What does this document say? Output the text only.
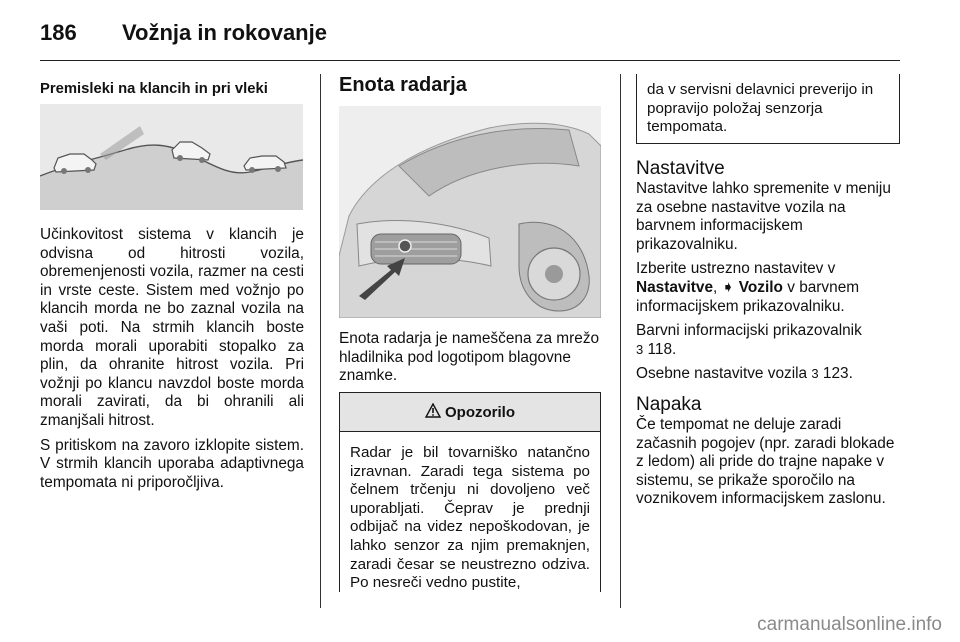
186 Vožnja in rokovanje
Premisleki na klancih in pri vleki

Učinkovitost sistema v klancih je odvisna od hitrosti vozila, obremenjenosti vozila, razmer na cesti in vrste ceste. Sistem med vožnjo po klancih morda ne bo zaznal vozila na vaši poti. Na strmih klancih boste morda morali uporabiti stopalko za plin, da ohranite hitrost vozila. Pri vožnji po klancu navzdol boste morda morali zavirati, da bi ohranili ali zmanjšali hitrost.

S pritiskom na zavoro izklopite sistem. V strmih klancih uporaba adaptivnega tempomata ni priporočljiva.

Enota radarja

Enota radarja je nameščena za mrežo hladilnika pod logotipom blagovne znamke.

Opozorilo
Radar je bil tovarniško natančno izravnan. Zaradi tega sistema po čelnem trčenju ni dovoljeno več uporabljati. Čeprav je prednji odbijač na videz nepoškodovan, je lahko senzor za njim premaknjen, zaradi česar se neustrezno odziva. Po nesreči vedno pustite,
da v servisni delavnici preverijo in popravijo položaj senzorja tempomata.
Nastavitve

Nastavitve lahko spremenite v meniju za osebne nastavitve vozila na barvnem informacijskem prikazovalniku.

Izberite ustrezno nastavitev v Nastavitve, ➧ Vozilo v barvnem informacijskem prikazovalniku.

Barvni informacijski prikazovalnik
3 118.

Osebne nastavitve vozila 3 123.

Napaka

Če tempomat ne deluje zaradi začasnih pogojev (npr. zaradi blokade z ledom) ali pride do trajne napake v sistemu, se prikaže sporočilo na voznikovem informacijskem zaslonu.

carmanualsonline.info
